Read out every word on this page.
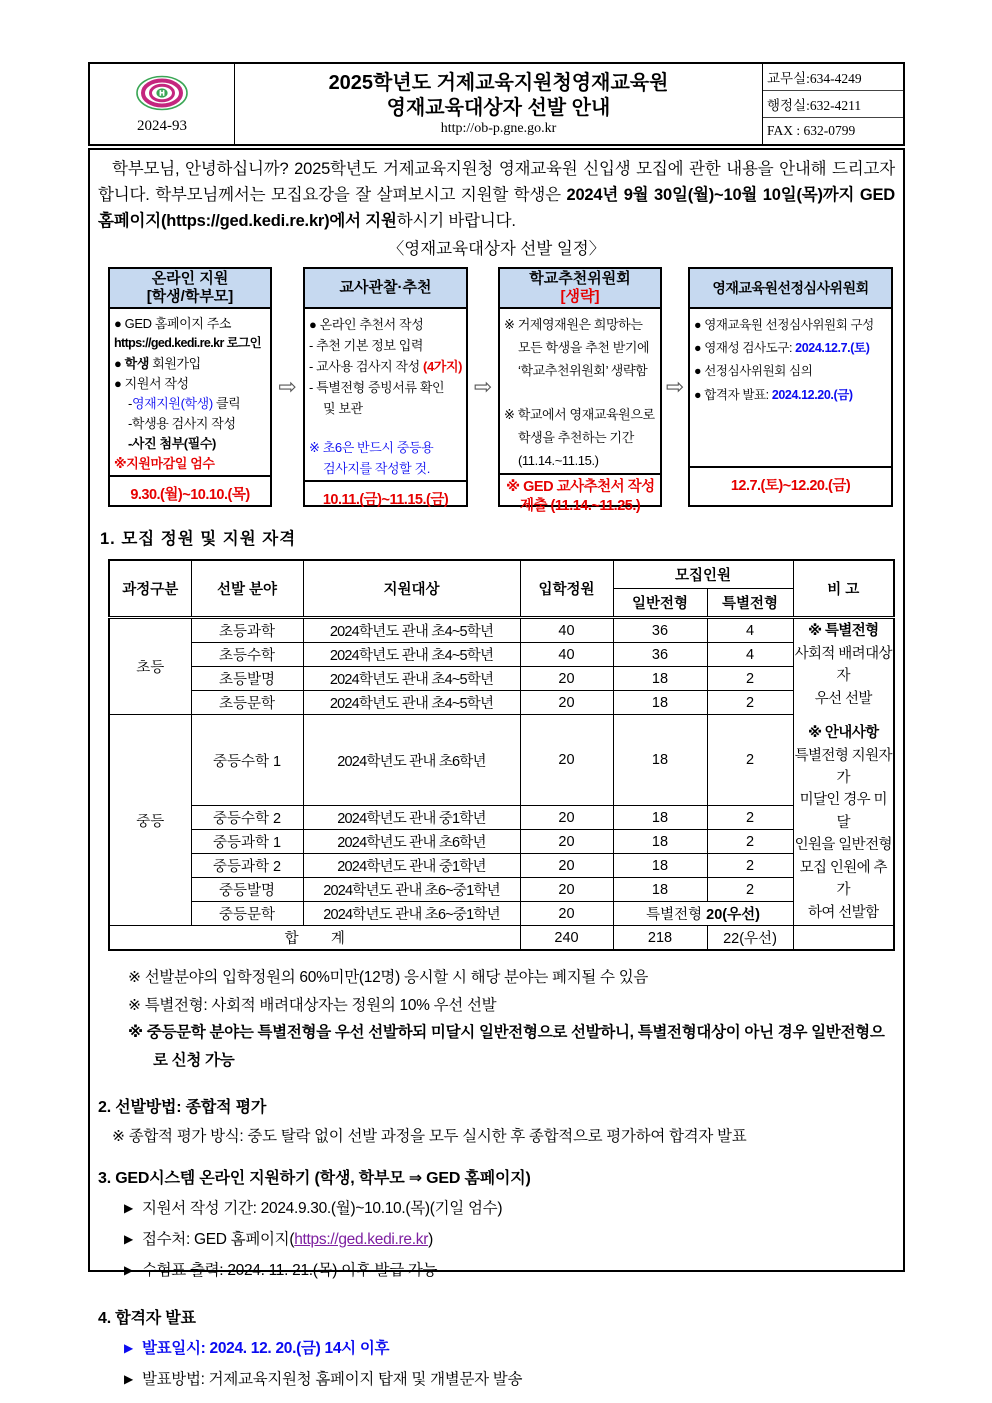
2024-93
2025학년도 거제교육지원청영재교육원
영재교육대상자 선발 안내
http://ob-p.gne.go.kr
교무실:634-4249
행정실:632-4211
FAX : 632-0799
학부모님, 안녕하십니까? 2025학년도 거제교육지원청 영재교육원 신입생 모집에 관한 내용을 안내해 드리고자 합니다. 학부모님께서는 모집요강을 잘 살펴보시고 지원할 학생은 2024년 9월 30일(월)~10월 10일(목)까지 GED홈페이지(https://ged.kedi.re.kr)에서 지원하시기 바랍니다.
〈영재교육대상자 선발 일정〉
온라인 지원
[학생/학부모]
● GED 홈페이지 주소
https://ged.kedi.re.kr 로그인
● 학생 회원가입
● 지원서 작성
-영재지원(학생) 클릭
-학생용 검사지 작성
-사진 첨부(필수)
※지원마감일 엄수
9.30.(월)~10.10.(목)
⇨
교사관찰·추천
● 온라인 추천서 작성
- 추천 기본 정보 입력
- 교사용 검사지 작성 (4가지)
- 특별전형 증빙서류 확인
및 보관
※ 초6은 반드시 중등용
검사지를 작성할 것.
10.11.(금)~11.15.(금)
⇨
학교추천위원회
[생략]
※ 거제영재원은 희망하는
모든 학생을 추천 받기에
‘학교추천위원회’ 생략함
※ 학교에서 영재교육원으로
학생을 추천하는 기간
(11.14.~11.15.)
※ GED 교사추천서 작성
제출 (11.14.~11.25.)
⇨
영재교육원선정심사위원회
● 영재교육원 선정심사위원회 구성
● 영재성 검사도구: 2024.12.7.(토)
● 선정심사위원회 심의
● 합격자 발표: 2024.12.20.(금)
12.7.(토)~12.20.(금)
1. 모집 정원 및 지원 자격
과정구분	선발 분야	지원대상	입학정원	모집인원		비 고
				일반전형	특별전형	
초등	초등과학	2024학년도 관내 초4~5학년	40	36	4	※ 특별전형
사회적 배려대상자
우선 선발
※ 안내사항
특별전형 지원자가
미달인 경우 미달
인원을 일반전형
모집 인원에 추가
하여 선발함

	초등수학	2024학년도 관내 초4~5학년	40	36	4	
	초등발명	2024학년도 관내 초4~5학년	20	18	2	
	초등문학	2024학년도 관내 초4~5학년	20	18	2	
중등	중등수학 1	2024학년도 관내 초6학년	20	18	2	
	중등수학 2	2024학년도 관내 중1학년	20	18	2	
	중등과학 1	2024학년도 관내 초6학년	20	18	2	
	중등과학 2	2024학년도 관내 중1학년	20	18	2	
	중등발명	2024학년도 관내 초6~중1학년	20	18	2	
	중등문학	2024학년도 관내 초6~중1학년	20	특별전형 20(우선)		
합        계			240	218	22(우선)	
※ 선발분야의 입학정원의 60%미만(12명) 응시할 시 해당 분야는 폐지될 수 있음
※ 특별전형: 사회적 배려대상자는 정원의 10% 우선 선발
※ 중등문학 분야는 특별전형을 우선 선발하되 미달시 일반전형으로 선발하니, 특별전형대상이 아닌 경우 일반전형으로 신청 가능
2. 선발방법: 종합적 평가
※ 종합적 평가 방식: 중도 탈락 없이 선발 과정을 모두 실시한 후 종합적으로 평가하여 합격자 발표
3. GED시스템 온라인 지원하기 (학생, 학부모 ⇒ GED 홈페이지)
▶ 지원서 작성 기간: 2024.9.30.(월)~10.10.(목)(기일 엄수)
▶ 접수처: GED 홈페이지(https://ged.kedi.re.kr)
▶ 수험표 출력: 2024. 11. 21.(목) 이후 발급 가능
4. 합격자 발표
▶ 발표일시: 2024. 12. 20.(금) 14시 이후
▶ 발표방법: 거제교육지원청 홈페이지 탑재 및 개별문자 발송
